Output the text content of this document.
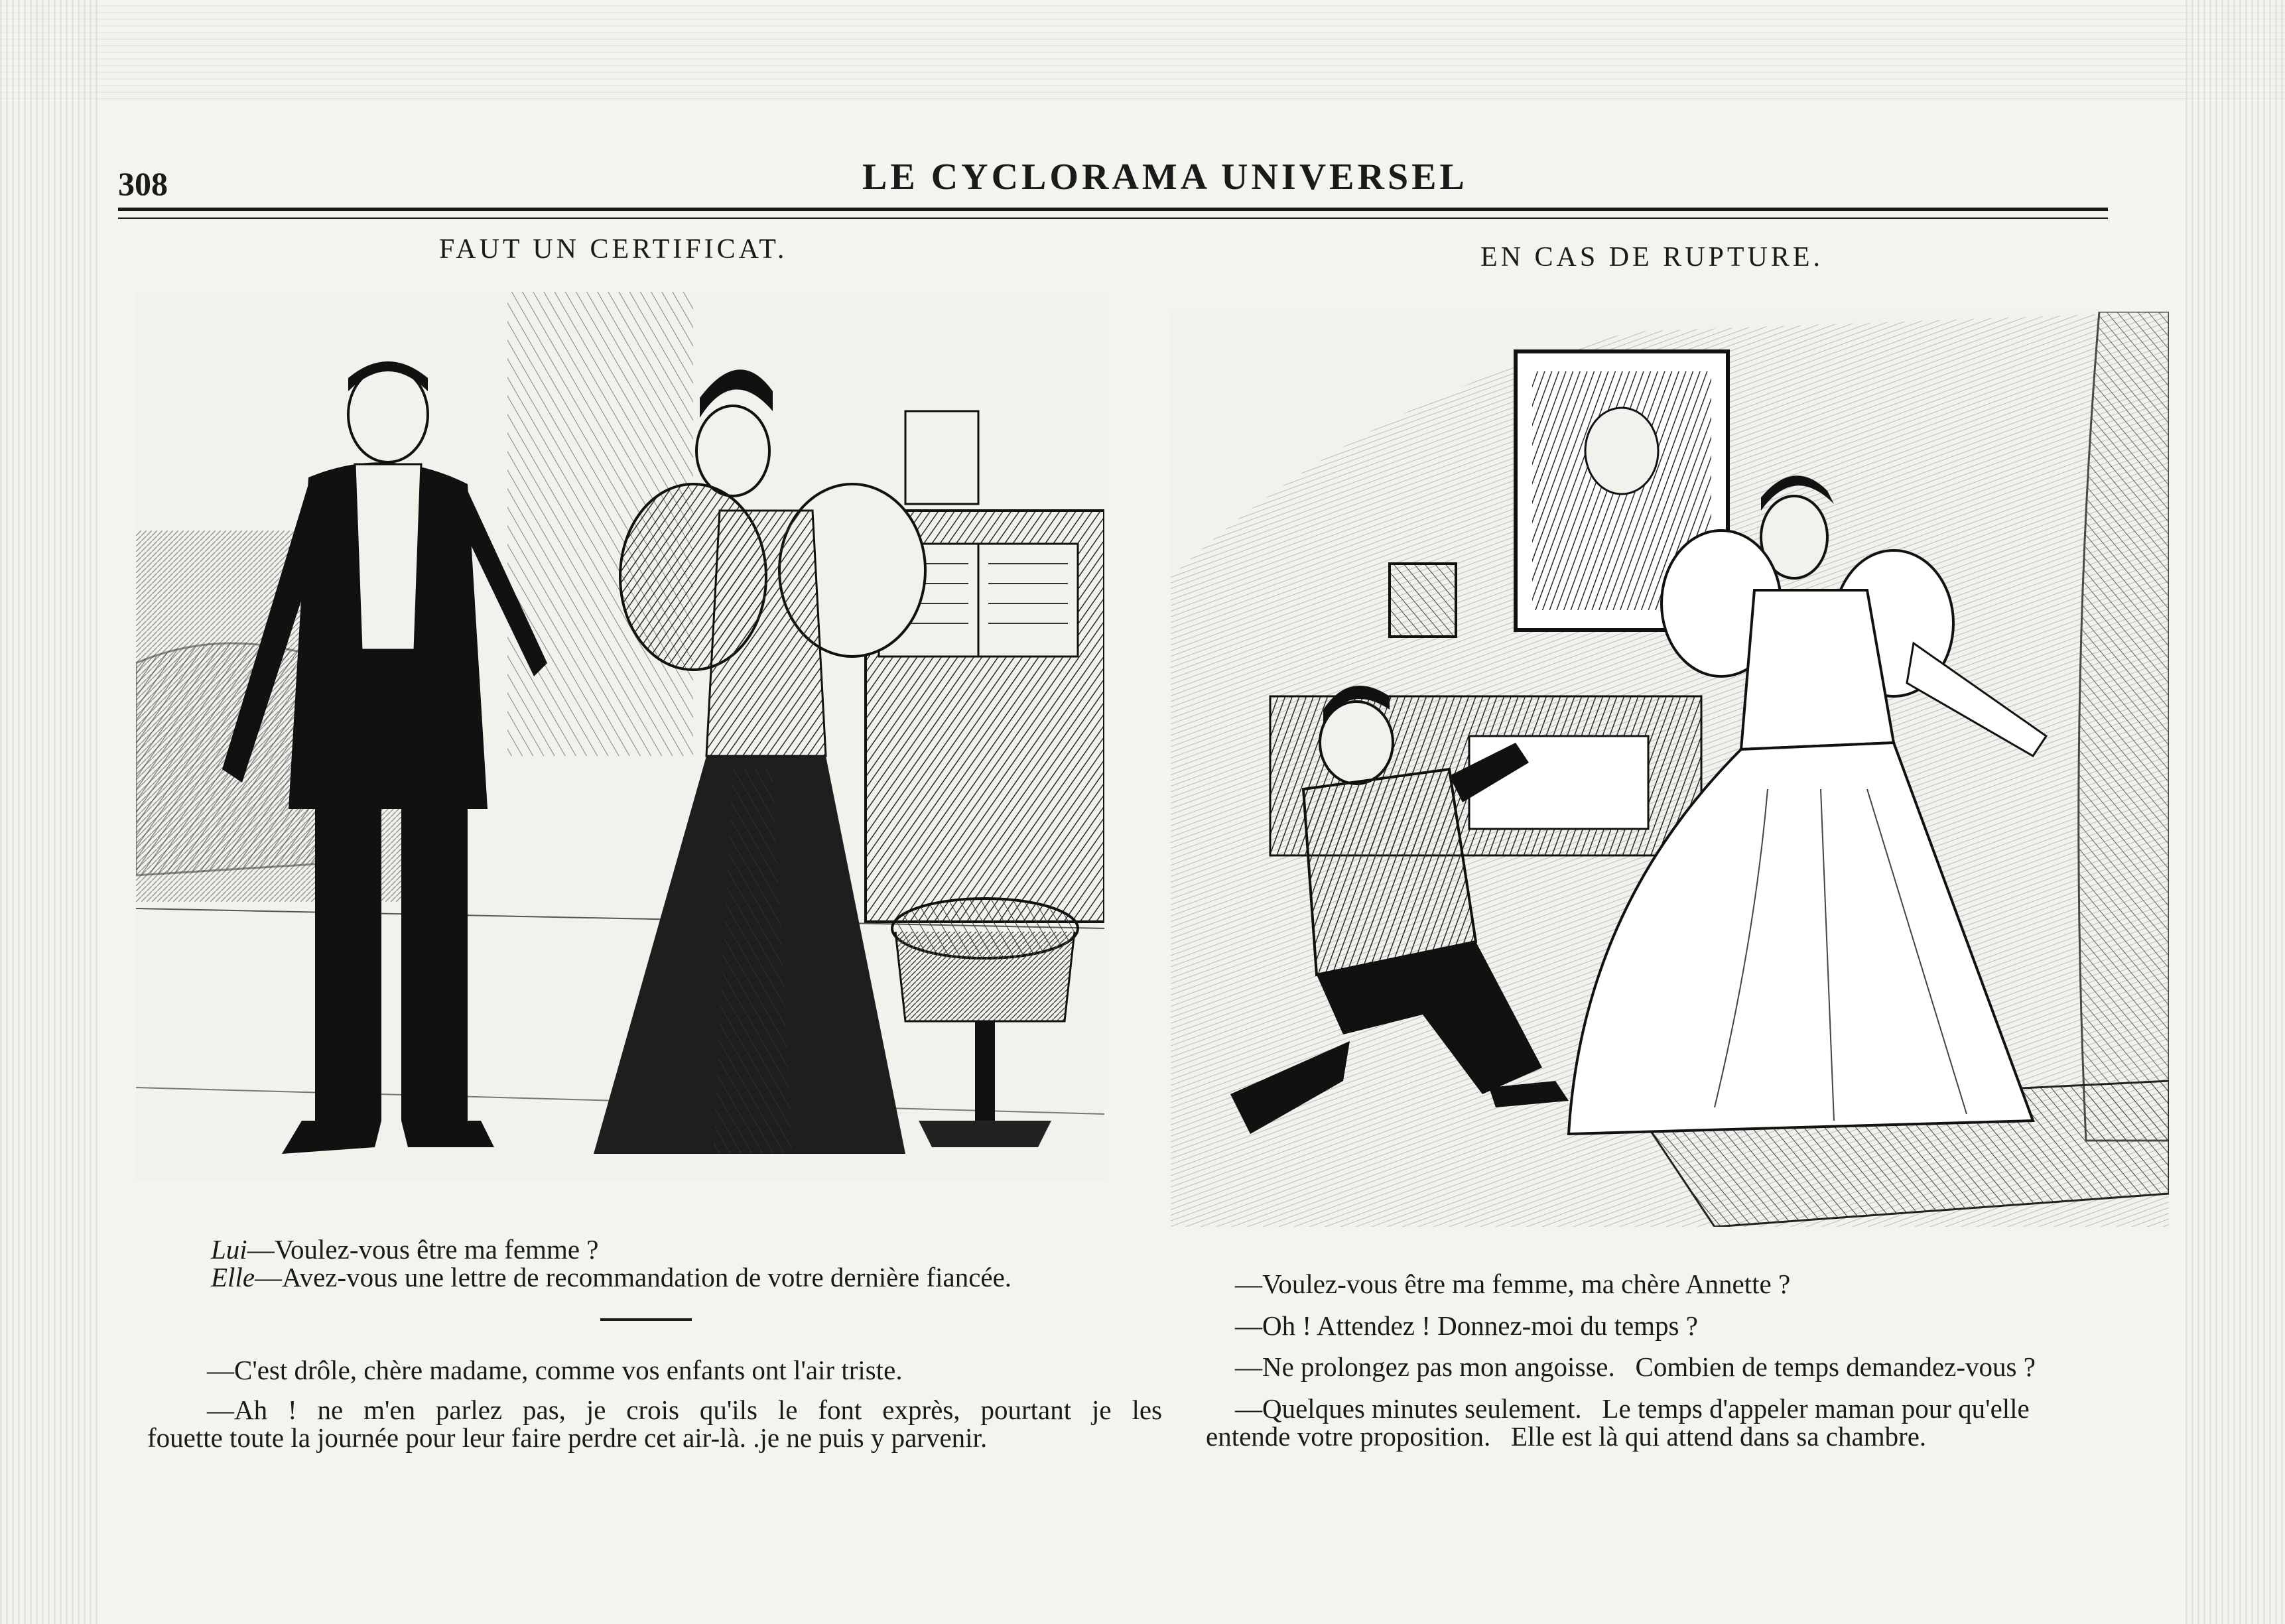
308	LE CYCLORAMA UNIVERSEL
FAUT UN CERTIFICAT.	EN CAS DE RUPTURE.
Lui—Voulez-vous être ma femme ?
Elle—Avez-vous une lettre de recommandation de votre dernière fiancée.
—C'est drôle, chère madame, comme vos enfants ont l'air triste.
—Ah ! ne m'en parlez pas, je crois qu'ils le font exprès, pourtant je les
fouette toute la journée pour leur faire perdre cet air-là. .je ne puis y parvenir.
—Voulez-vous être ma femme, ma chère Annette ?
—Oh ! Attendez ! Donnez-moi du temps ?
—Ne prolongez pas mon angoisse.   Combien de temps demandez-vous ?
—Quelques minutes seulement.   Le temps d'appeler maman pour qu'elle
entende votre proposition.   Elle est là qui attend dans sa chambre.
